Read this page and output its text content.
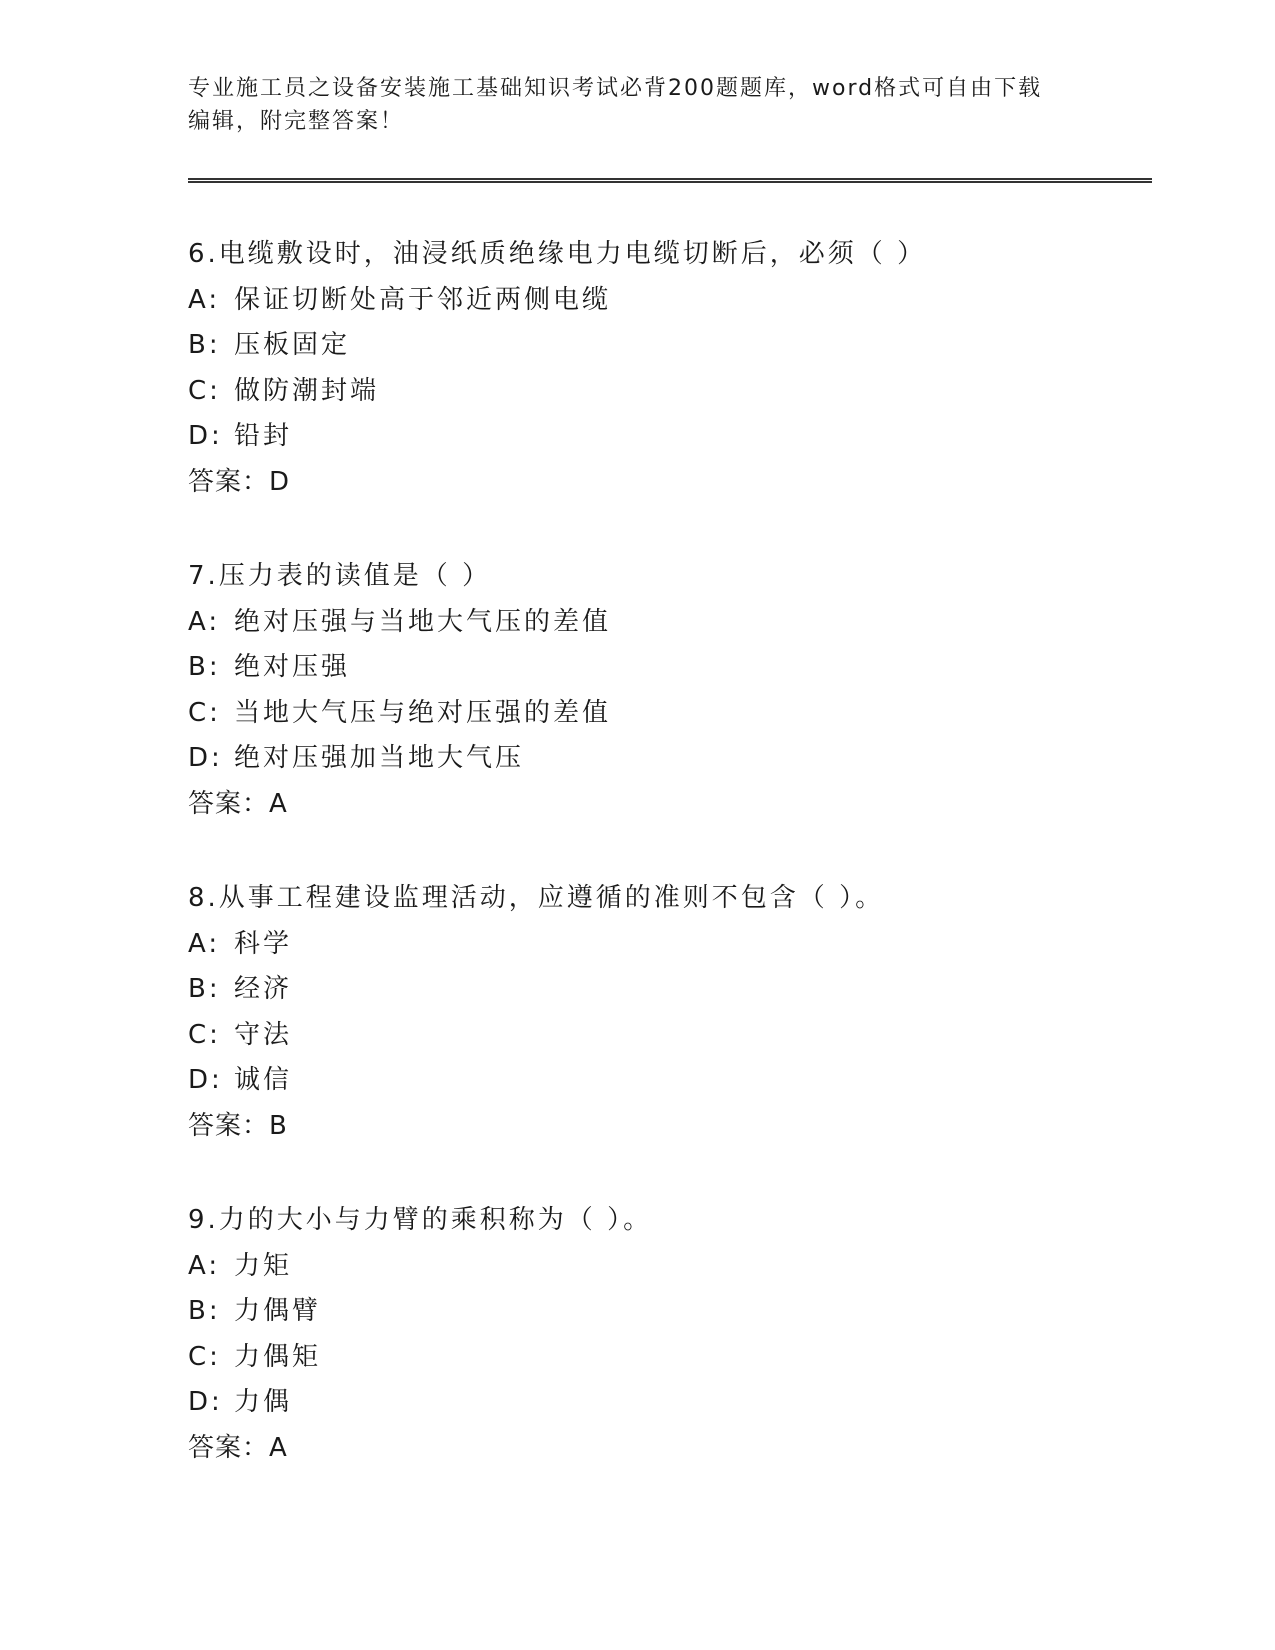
专业施工员之设备安装施工基础知识考试必背200题题库，word格式可自由下载
编辑，附完整答案！
6.电缆敷设时，油浸纸质绝缘电力电缆切断后，必须（ ）
A: 保证切断处高于邻近两侧电缆
B: 压板固定
C: 做防潮封端
D: 铅封
答案：D
7.压力表的读值是（ ）
A: 绝对压强与当地大气压的差值
B: 绝对压强
C: 当地大气压与绝对压强的差值
D: 绝对压强加当地大气压
答案：A
8.从事工程建设监理活动，应遵循的准则不包含（ ）。
A: 科学
B: 经济
C: 守法
D: 诚信
答案：B
9.力的大小与力臂的乘积称为（ ）。
A: 力矩
B: 力偶臂
C: 力偶矩
D: 力偶
答案：A
